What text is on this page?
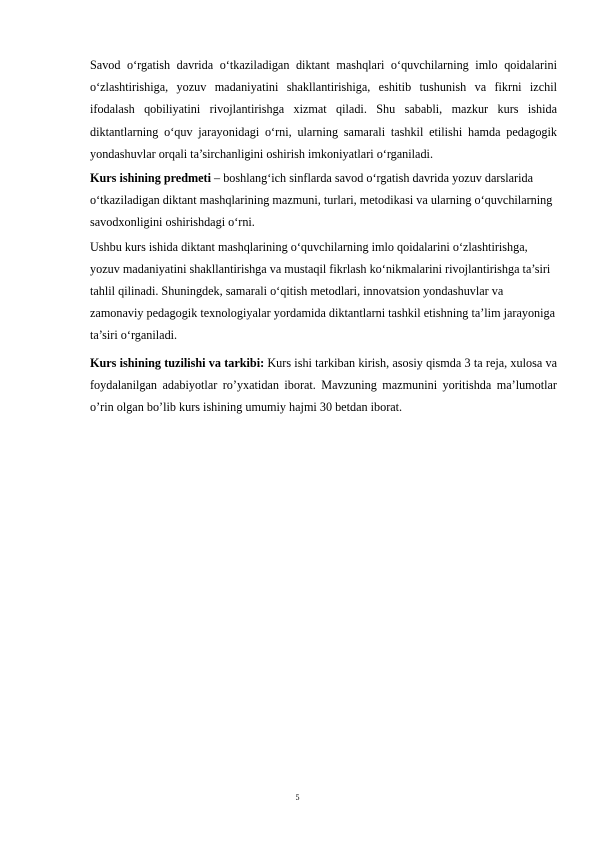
Savod o‘rgatish davrida o‘tkaziladigan diktant mashqlari o‘quvchilarning imlo qoidalarini o‘zlashtirishiga, yozuv madaniyatini shakllantirishiga, eshitib tushunish va fikrni izchil ifodalash qobiliyatini rivojlantirishga xizmat qiladi. Shu sababli, mazkur kurs ishida diktantlarning o‘quv jarayonidagi o‘rni, ularning samarali tashkil etilishi hamda pedagogik yondashuvlar orqali ta’sirchanligini oshirish imkoniyatlari o‘rganiladi.

Kurs ishining predmeti – boshlang‘ich sinflarda savod o‘rgatish davrida yozuv darslarida o‘tkaziladigan diktant mashqlarining mazmuni, turlari, metodikasi va ularning o‘quvchilarning savodxonligini oshirishdagi o‘rni.

Ushbu kurs ishida diktant mashqlarining o‘quvchilarning imlo qoidalarini o‘zlashtirishga, yozuv madaniyatini shakllantirishga va mustaqil fikrlash ko‘nikmalarini rivojlantirishga ta’siri tahlil qilinadi. Shuningdek, samarali o‘qitish metodlari, innovatsion yondashuvlar va zamonaviy pedagogik texnologiyalar yordamida diktantlarni tashkil etishning ta’lim jarayoniga ta’siri o‘rganiladi.

Kurs ishining tuzilishi va tarkibi: Kurs ishi tarkiban kirish, asosiy qismda 3 ta reja, xulosa va foydalanilgan adabiyotlar ro’yxatidan iborat. Mavzuning mazmunini yoritishda ma’lumotlar o’rin olgan bo’lib kurs ishining umumiy hajmi 30 betdan iborat.

5
